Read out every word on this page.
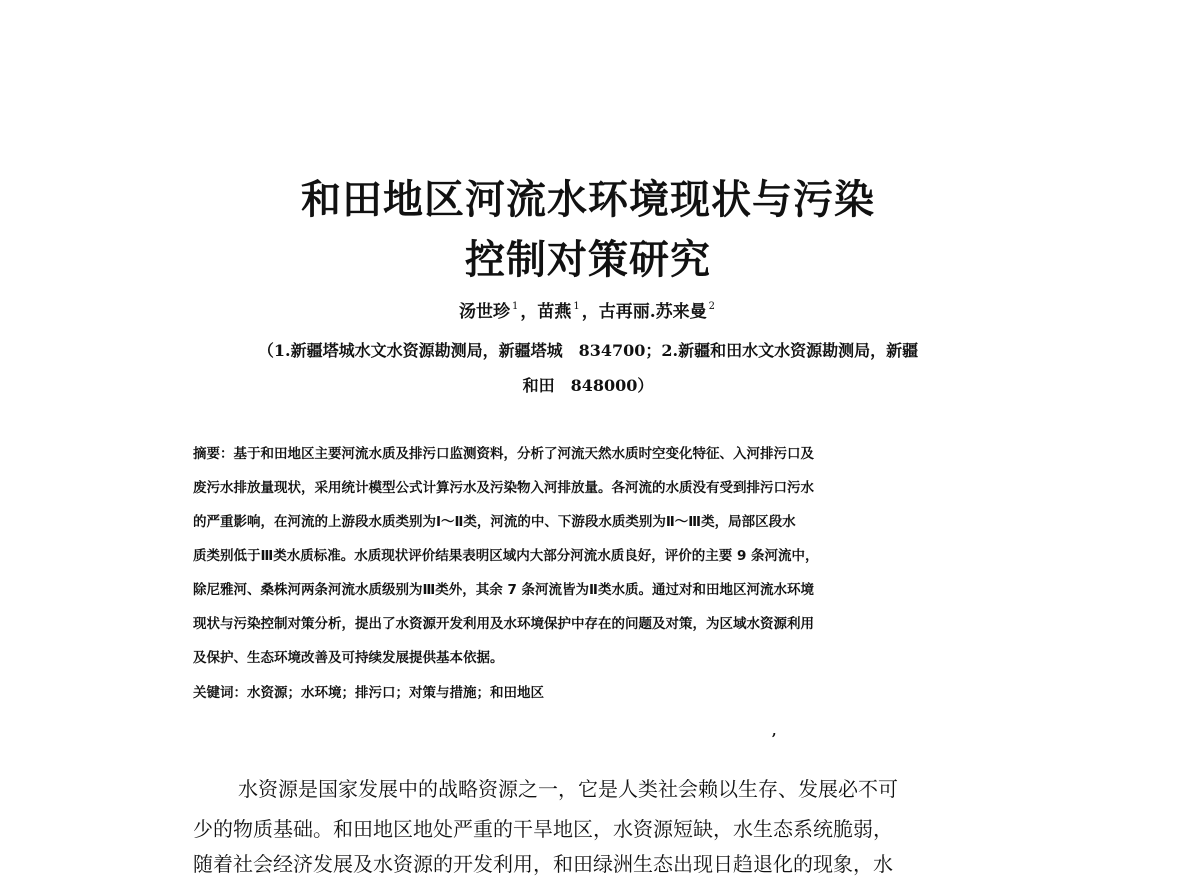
和田地区河流水环境现状与污染
控制对策研究
汤世珍 $^1$ ，苗燕 $^1$ ，古再丽.苏来曼 $^2$
（1.新疆塔城水文水资源勘测局，新疆塔城　834700；2.新疆和田水文水资源勘测局，新疆
和田　848000）
摘要：基于和田地区主要河流水质及排污口监测资料，分析了河流天然水质时空变化特征、入河排污口及
废污水排放量现状，采用统计模型公式计算污水及污染物入河排放量。各河流的水质没有受到排污口污水
的严重影响，在河流的上游段水质类别为Ⅰ～Ⅱ类，河流的中、下游段水质类别为Ⅱ～Ⅲ类，局部区段水
质类别低于Ⅲ类水质标准。水质现状评价结果表明区域内大部分河流水质良好，评价的主要 9 条河流中，
除尼雅河、桑株河两条河流水质级别为Ⅲ类外，其余 7 条河流皆为Ⅱ类水质。通过对和田地区河流水环境
现状与污染控制对策分析，提出了水资源开发利用及水环境保护中存在的问题及对策，为区域水资源利用
及保护、生态环境改善及可持续发展提供基本依据。
关键词：水资源；水环境；排污口；对策与措施；和田地区
,
水资源是国家发展中的战略资源之一，它是人类社会赖以生存、发展必不可
少的物质基础。和田地区地处严重的干旱地区，水资源短缺，水生态系统脆弱，
随着社会经济发展及水资源的开发利用，和田绿洲生态出现日趋退化的现象，水
